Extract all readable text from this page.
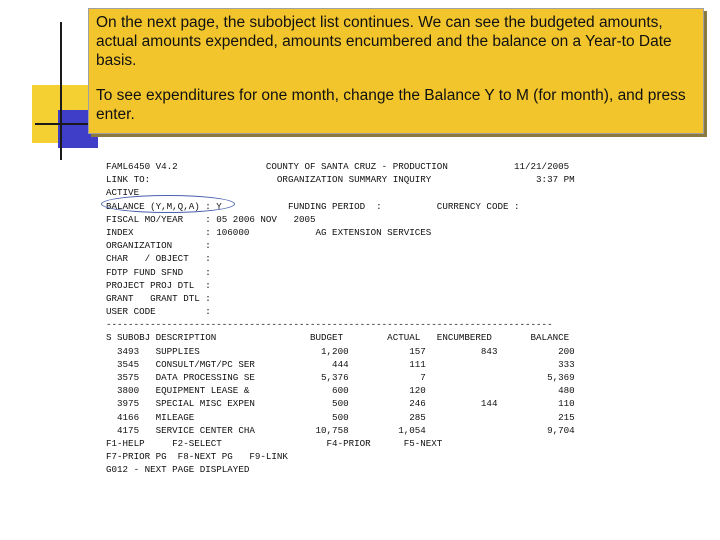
On the next page, the subobject list continues. We can see the budgeted amounts, actual amounts expended, amounts encumbered and the balance on a Year-to Date basis.

To see expenditures for one month, change the Balance Y to M (for month), and press enter.

FAML6450 V4.2                COUNTY OF SANTA CRUZ - PRODUCTION            11/21/2005
LINK TO:                       ORGANIZATION SUMMARY INQUIRY                   3:37 PM
ACTIVE
BALANCE (Y,M,Q,A) : Y            FUNDING PERIOD  :          CURRENCY CODE :
FISCAL MO/YEAR    : 05 2006 NOV   2005
INDEX             : 106000            AG EXTENSION SERVICES
ORGANIZATION      :
CHAR   / OBJECT   :
FDTP FUND SFND    :
PROJECT PROJ DTL  :
GRANT   GRANT DTL :
USER CODE         :
---------------------------------------------------------------------------------
S SUBOBJ DESCRIPTION                 BUDGET        ACTUAL   ENCUMBERED       BALANCE
3493   SUPPLIES                      1,200           157          843           200
3545   CONSULT/MGT/PC SER              444           111                        333
3575   DATA PROCESSING SE            5,376             7                      5,369
3800   EQUIPMENT LEASE &               600           120                        480
3975   SPECIAL MISC EXPEN              500           246          144           110
4166   MILEAGE                         500           285                        215
4175   SERVICE CENTER CHA           10,758         1,054                      9,704
F1-HELP     F2-SELECT                   F4-PRIOR      F5-NEXT
F7-PRIOR PG  F8-NEXT PG   F9-LINK
G012 - NEXT PAGE DISPLAYED
